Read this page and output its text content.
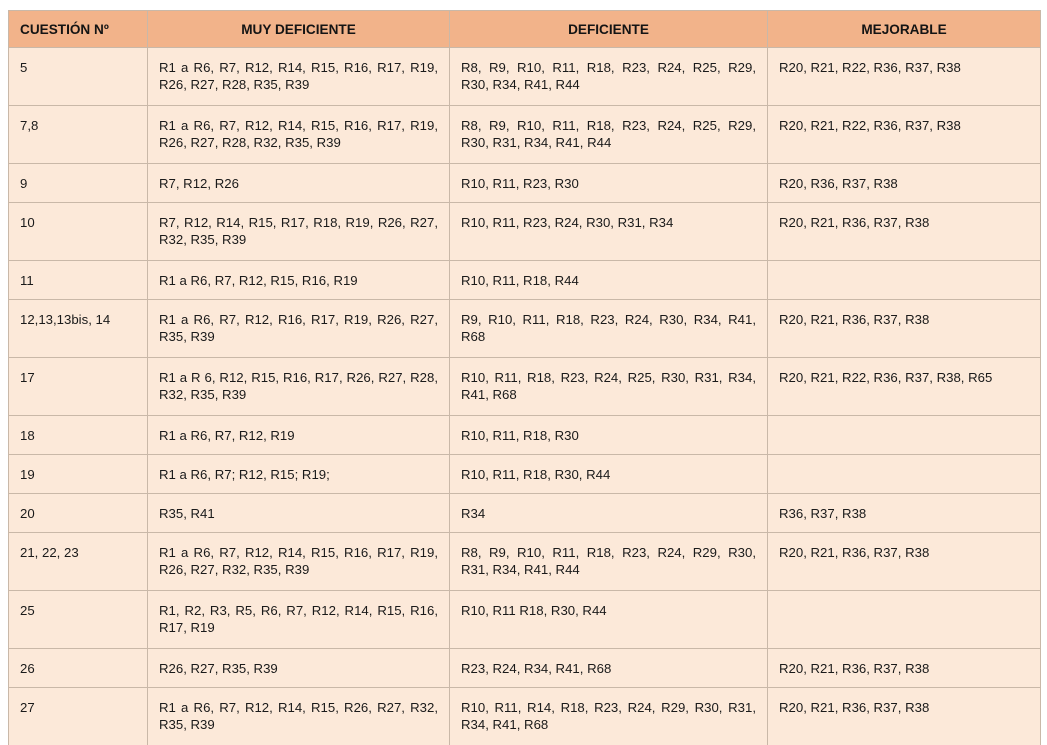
CUESTIÓN Nº	MUY DEFICIENTE	DEFICIENTE	MEJORABLE
5	R1 a R6, R7, R12, R14, R15, R16, R17, R19, R26, R27, R28, R35, R39	R8, R9, R10, R11, R18, R23, R24, R25, R29, R30, R34, R41, R44	R20, R21, R22, R36, R37, R38
7,8	R1 a R6, R7, R12, R14, R15, R16, R17, R19, R26, R27, R28, R32, R35, R39	R8, R9, R10, R11, R18, R23, R24, R25, R29, R30, R31, R34, R41, R44	R20, R21, R22, R36, R37, R38
9	R7, R12, R26	R10, R11, R23, R30	R20, R36, R37, R38
10	R7, R12, R14, R15, R17, R18, R19, R26, R27, R32, R35, R39	R10, R11, R23, R24, R30, R31, R34	R20, R21, R36, R37, R38
11	R1 a R6, R7, R12, R15, R16, R19	R10, R11, R18, R44	
12,13,13bis, 14	R1 a R6, R7, R12, R16, R17, R19, R26, R27, R35, R39	R9, R10, R11, R18, R23, R24, R30, R34, R41, R68	R20, R21, R36, R37, R38
17	R1 a R 6, R12, R15, R16, R17, R26, R27, R28, R32, R35, R39	R10, R11, R18, R23, R24, R25, R30, R31, R34, R41, R68	R20, R21, R22, R36, R37, R38, R65
18	R1 a R6, R7, R12, R19	R10, R11, R18, R30	
19	R1 a R6, R7; R12, R15; R19;	R10, R11, R18, R30, R44	
20	R35, R41	R34	R36, R37, R38
21, 22, 23	R1 a R6, R7, R12, R14, R15, R16, R17, R19, R26, R27, R32, R35, R39	R8, R9, R10, R11, R18, R23, R24, R29, R30, R31, R34, R41, R44	R20, R21, R36, R37, R38
25	R1, R2, R3, R5, R6, R7, R12, R14, R15, R16, R17, R19	R10, R11 R18, R30, R44	
26	R26, R27, R35, R39	R23, R24, R34, R41, R68	R20, R21, R36, R37, R38
27	R1 a R6, R7, R12, R14, R15, R26, R27, R32, R35, R39	R10, R11, R14, R18, R23, R24, R29, R30, R31, R34, R41, R68	R20, R21, R36, R37, R38
